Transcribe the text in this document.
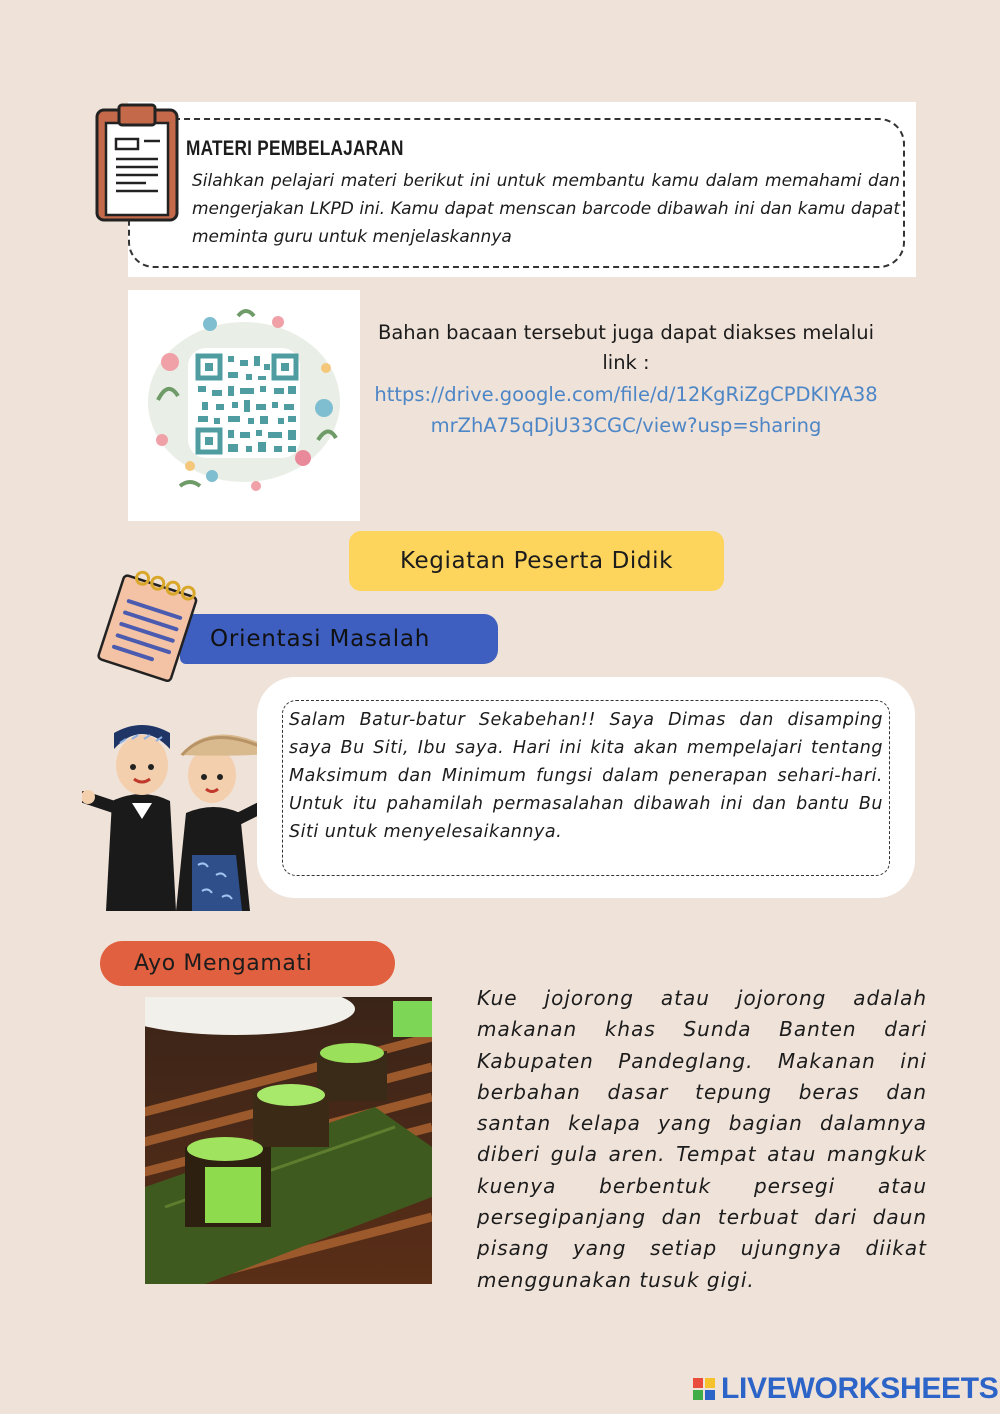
MATERI PEMBELAJARAN
Silahkan pelajari materi berikut ini untuk membantu kamu dalam memahami dan mengerjakan LKPD ini. Kamu dapat menscan barcode dibawah ini dan kamu dapat meminta guru untuk menjelaskannya
Bahan bacaan tersebut juga dapat diakses melalui link :
https://drive.google.com/file/d/12KgRiZgCPDKIYA38mrZhA75qDjU33CGC/view?usp=sharing
Kegiatan Peserta Didik
Orientasi Masalah
Salam Batur-batur Sekabehan!! Saya Dimas dan disamping saya Bu Siti, Ibu saya. Hari ini kita akan mempelajari tentang Maksimum dan Minimum fungsi dalam penerapan sehari-hari. Untuk itu pahamilah permasalahan dibawah ini dan bantu Bu Siti untuk menyelesaikannya.
Ayo Mengamati
Kue jojorong atau jojorong adalah makanan khas Sunda Banten dari Kabupaten Pandeglang. Makanan ini berbahan dasar tepung beras dan santan kelapa yang bagian dalamnya diberi gula aren. Tempat atau mangkuk kuenya berbentuk persegi atau persegipanjang dan terbuat dari daun pisang yang setiap ujungnya diikat menggunakan tusuk gigi.
LIVEWORKSHEETS
